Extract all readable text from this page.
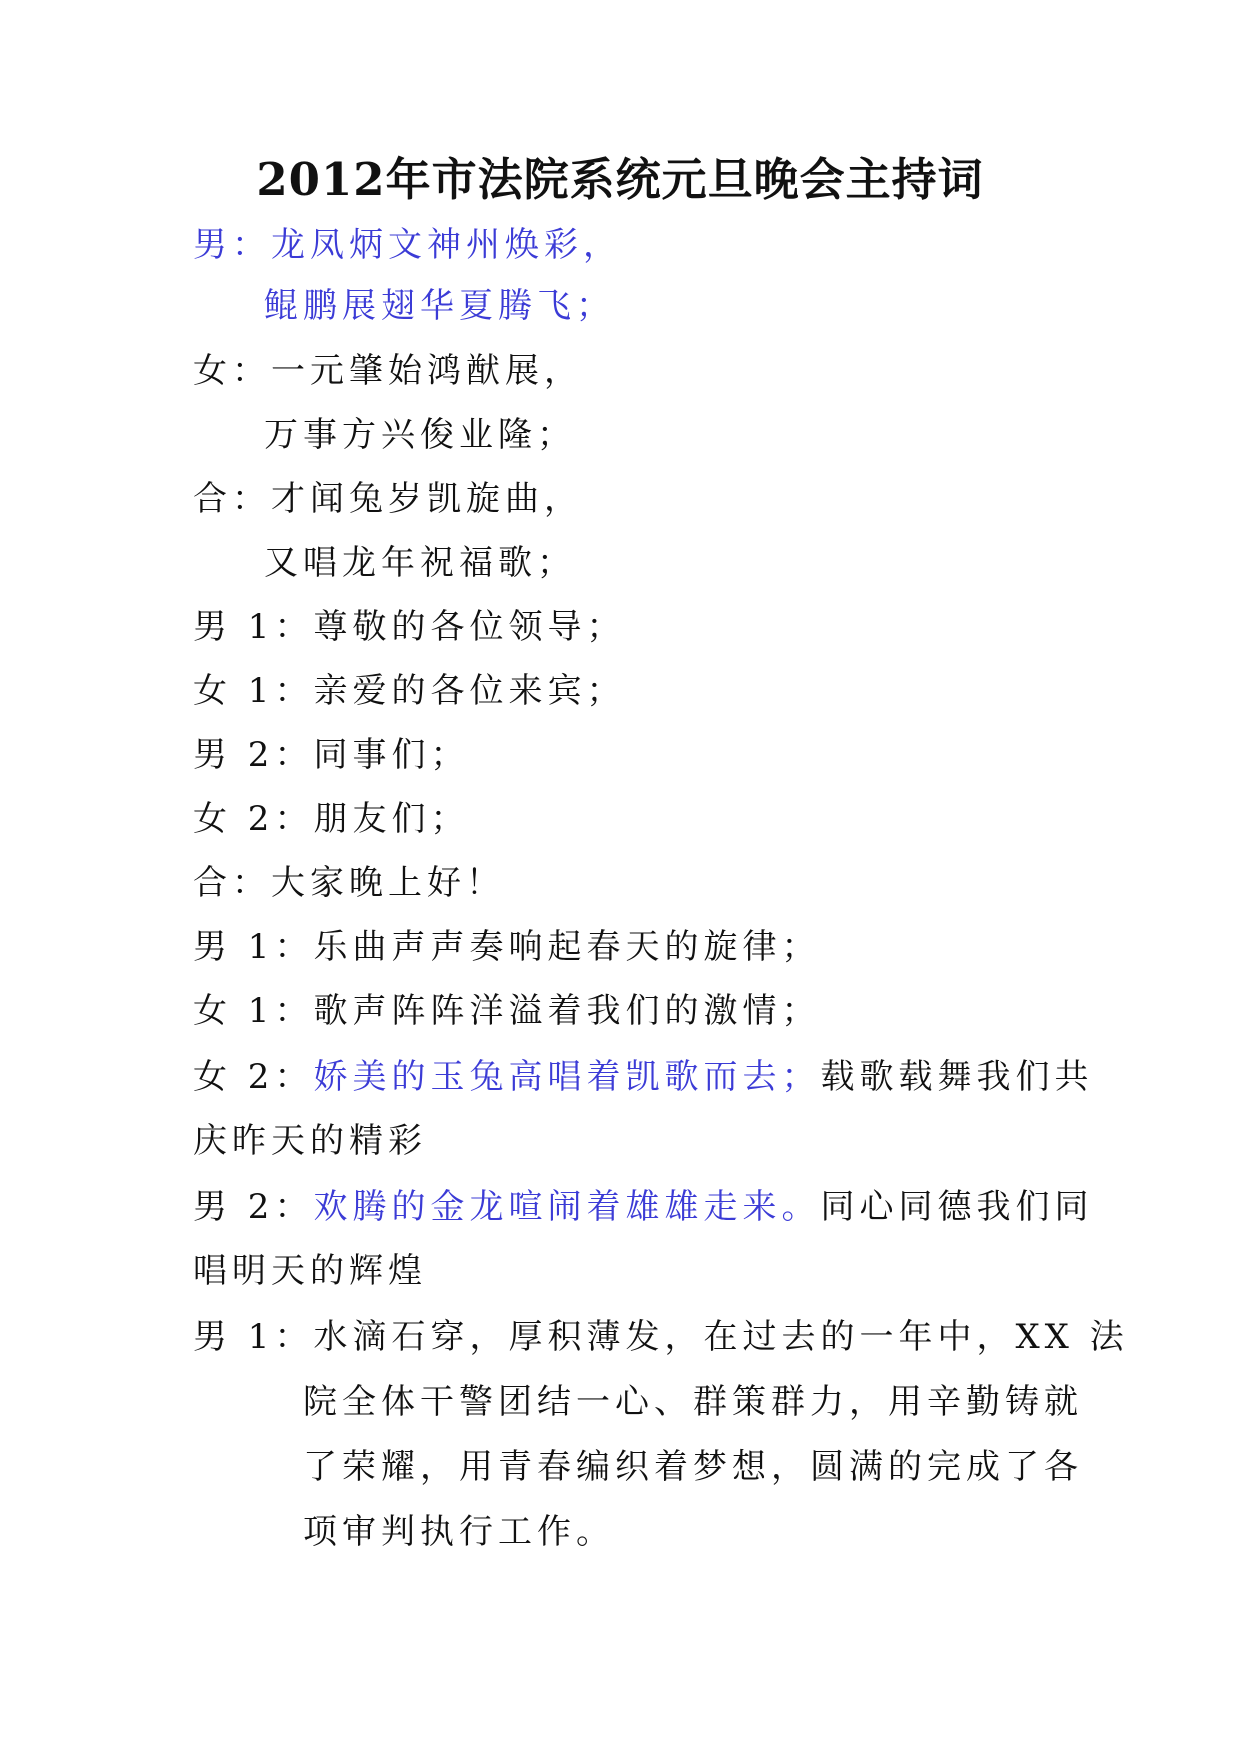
2012年市法院系统元旦晚会主持词
男：龙凤炳文神州焕彩，
鲲鹏展翅华夏腾飞；
女：一元肇始鸿猷展，
万事方兴俊业隆；
合：才闻兔岁凯旋曲，
又唱龙年祝福歌；
男 1：尊敬的各位领导；
女 1：亲爱的各位来宾；
男 2：同事们；
女 2：朋友们；
合：大家晚上好！
男 1：乐曲声声奏响起春天的旋律；
女 1：歌声阵阵洋溢着我们的激情；
女 2：娇美的玉兔高唱着凯歌而去；载歌载舞我们共
庆昨天的精彩
男 2：欢腾的金龙喧闹着雄雄走来。同心同德我们同
唱明天的辉煌
男 1：水滴石穿，厚积薄发，在过去的一年中，XX 法
院全体干警团结一心、群策群力，用辛勤铸就
了荣耀，用青春编织着梦想，圆满的完成了各
项审判执行工作。
